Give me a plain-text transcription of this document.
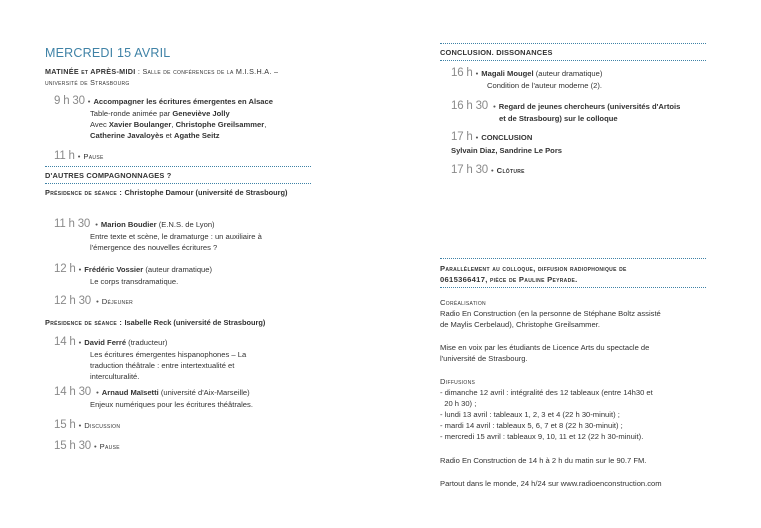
MERCREDI 15 AVRIL
MATINÉE et APRÈS-MIDI : Salle de conférences de la M.I.S.H.A. – université de Strasbourg
9 h 30 • Accompagner les écritures émergentes en Alsace
Table-ronde animée par Geneviève Jolly
Avec Xavier Boulanger, Christophe Greilsammer,
Catherine Javaloyès et Agathe Seitz
11 h • Pause
D'AUTRES COMPAGNONNAGES ?
Présidence de séance : Christophe Damour (université de Strasbourg)
11 h 30 • Marion Boudier (E.N.S. de Lyon)
Entre texte et scène, le dramaturge : un auxiliaire à
l'émergence des nouvelles écritures ?
12 h • Frédéric Vossier (auteur dramatique)
Le corps transdramatique.
12 h 30 • Déjeuner
Présidence de séance : Isabelle Reck (université de Strasbourg)
14 h • David Ferré (traducteur)
Les écritures émergentes hispanophones – La
traduction théâtrale : entre intertextualité et
interculturalité.
14 h 30 • Arnaud Maïsetti (université d'Aix-Marseille)
Enjeux numériques pour les écritures théâtrales.
15 h • Discussion
15 h 30 • Pause
CONCLUSION. DISSONANCES
16 h • Magali Mougel (auteur dramatique)
Condition de l'auteur moderne (2).
16 h 30 • Regard de jeunes chercheurs (universités d'Artois
et de Strasbourg) sur le colloque
17 h • CONCLUSION
Sylvain Diaz, Sandrine Le Pors
17 h 30 • Clôture
Parallèlement au colloque, diffusion radiophonique de
0615366417, pièce de Pauline Peyrade.
Coréalisation
Radio En Construction (en la personne de Stéphane Boltz assisté
de Maylis Cerbelaud), Christophe Greilsammer.
Mise en voix par les étudiants de Licence Arts du spectacle de
l'université de Strasbourg.
Diffusions
- dimanche 12 avril : intégralité des 12 tableaux (entre 14h30 et
20 h 30) ;
- lundi 13 avril : tableaux 1, 2, 3 et 4 (22 h 30-minuit) ;
- mardi 14 avril : tableaux 5, 6, 7 et 8 (22 h 30-minuit) ;
- mercredi 15 avril : tableaux 9, 10, 11 et 12 (22 h 30-minuit).
Radio En Construction de 14 h à 2 h du matin sur le 90.7 FM.
Partout dans le monde, 24 h/24 sur www.radioenconstruction.com
